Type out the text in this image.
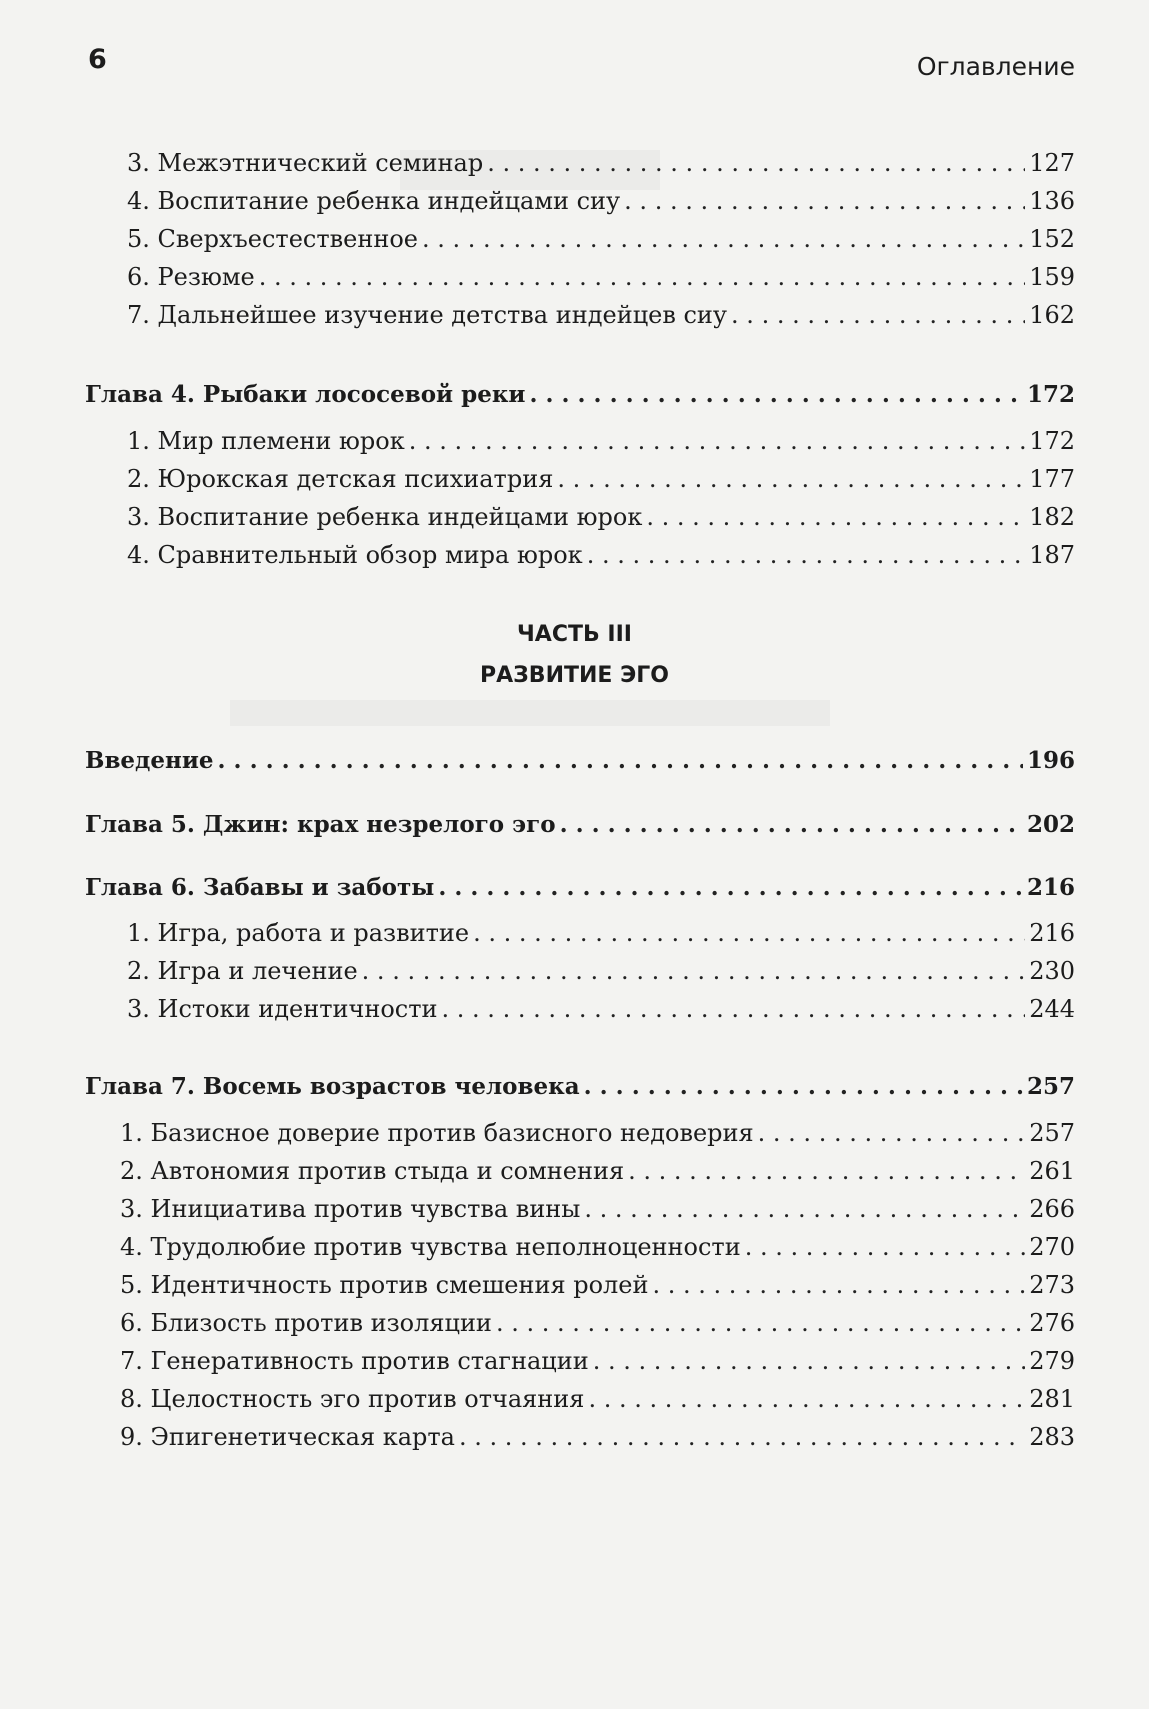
6	Оглавление
3. Межэтнический семинар . . .	127
4. Воспитание ребенка индейцами сиу . . .	136
5. Сверхъестественное . . .	152
6. Резюме . . .	159
7. Дальнейшее изучение детства индейцев сиу . . .	162
Глава 4. Рыбаки лососевой реки . . .	172
1. Мир племени юрок . . .	172
2. Юрокская детская психиатрия . . .	177
3. Воспитание ребенка индейцами юрок . . .	182
4. Сравнительный обзор мира юрок . . .	187
ЧАСТЬ III
РАЗВИТИЕ ЭГО
Введение . . .	196
Глава 5. Джин: крах незрелого эго . . .	202
Глава 6. Забавы и заботы . . .	216
1. Игра, работа и развитие . . .	216
2. Игра и лечение . . .	230
3. Истоки идентичности . . .	244
Глава 7. Восемь возрастов человека . . .	257
1. Базисное доверие против базисного недоверия . . .	257
2. Автономия против стыда и сомнения . . .	261
3. Инициатива против чувства вины . . .	266
4. Трудолюбие против чувства неполноценности . . .	270
5. Идентичность против смешения ролей . . .	273
6. Близость против изоляции . . .	276
7. Генеративность против стагнации . . .	279
8. Целостность эго против отчаяния . . .	281
9. Эпигенетическая карта . . .	283
